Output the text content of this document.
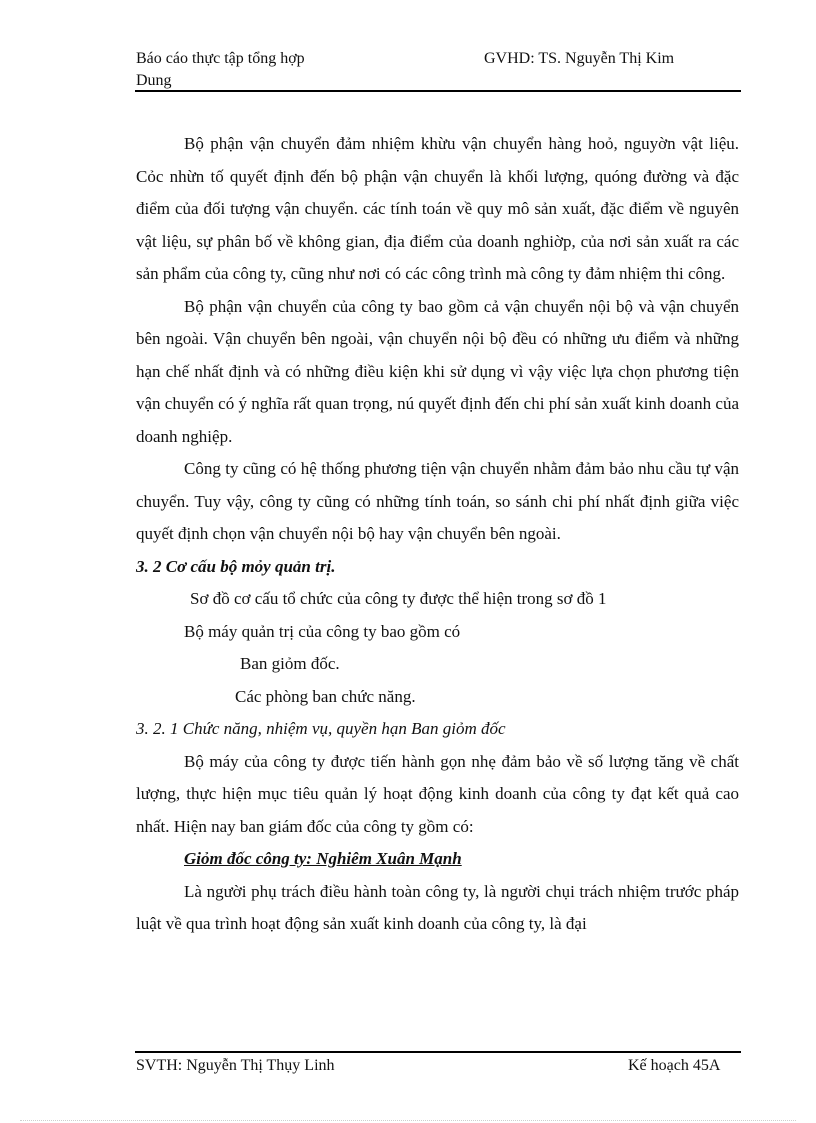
Báo cáo thực tập tổng hợp
Dung
GVHD: TS. Nguyễn Thị Kim

Bộ phận vận chuyển đảm nhiệm khừu vận chuyển hàng hoỏ, nguyờn vật liệu. Cỏc nhừn tố quyết định đến bộ phận vận chuyển là khối lượng, quóng đường và đặc điểm của đối tượng vận chuyển. các tính toán về quy mô sản xuất, đặc điểm về nguyên vật liệu, sự phân bố về không gian, địa điểm của doanh nghiờp, của nơi sản xuất ra các sản phẩm của công ty, cũng như nơi có các công trình mà công ty đảm nhiệm thi công.

Bộ phận vận chuyển của công ty bao gồm cả vận chuyển nội bộ và vận chuyển bên ngoài. Vận chuyển bên ngoài, vận chuyển nội bộ đều có những ưu điểm và những hạn chế nhất định và có những điều kiện khi sử dụng vì vậy việc lựa chọn phương tiện vận chuyển có ý nghĩa rất quan trọng, nú quyết định đến chi phí sản xuất kinh doanh của doanh nghiệp.

Công ty cũng có hệ thống phương tiện vận chuyển nhằm đảm bảo nhu cầu tự vận chuyển. Tuy vậy, công ty cũng có những tính toán, so sánh chi phí nhất định giữa việc quyết định chọn vận chuyển nội bộ hay vận chuyển bên ngoài.

3. 2 Cơ cấu bộ mỏy quản trị.

Sơ đồ cơ cấu tổ chức của công ty được thể hiện trong sơ đồ 1

Bộ máy quản trị của công ty bao gồm có

Ban giỏm đốc.

Các phòng ban chức năng.

3. 2. 1 Chức năng, nhiệm vụ, quyền hạn Ban giỏm đốc

Bộ máy của công ty được tiến hành gọn nhẹ đảm bảo về số lượng tăng về chất lượng, thực hiện mục tiêu quản lý hoạt động kinh doanh của công ty đạt kết quả cao nhất. Hiện nay ban giám đốc của công ty gồm có:

Giỏm đốc công ty: Nghiêm Xuân Mạnh

Là người phụ trách điều hành toàn công ty, là người chụi trách nhiệm trước pháp luật về qua trình hoạt động sản xuất kinh doanh của công ty, là đại

SVTH: Nguyễn Thị Thụy Linh	Kế hoạch 45A
